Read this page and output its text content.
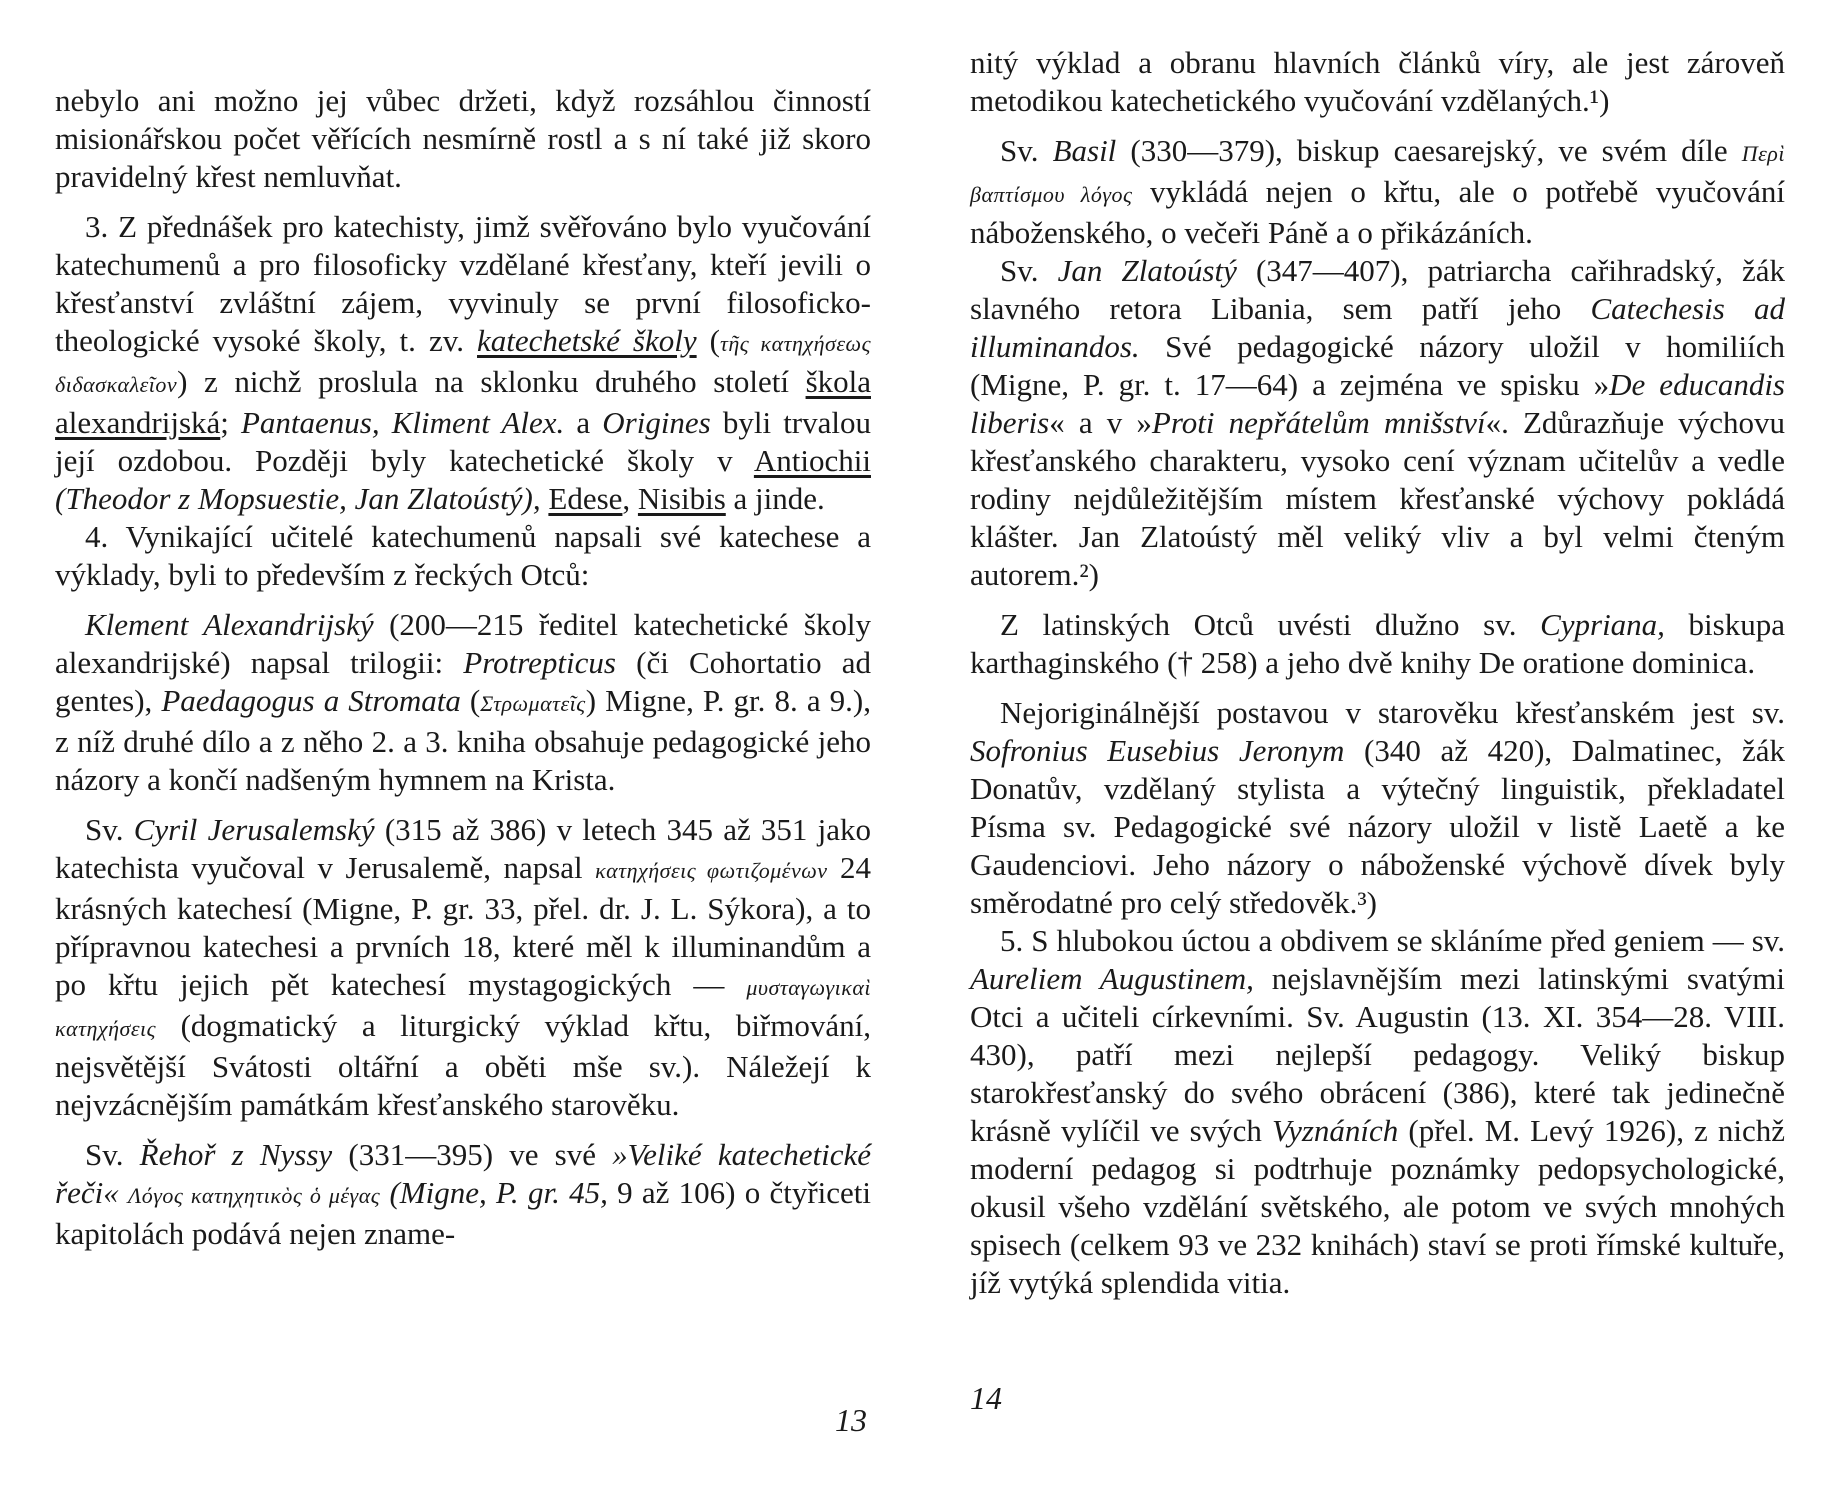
nebylo ani možno jej vůbec držeti, když rozsáhlou činností misionářskou počet věřících nesmírně rostl a s ní také již skoro pravidelný křest nemluvňat.

3. Z přednášek pro katechisty, jimž svěřováno bylo vyučování katechumenů a pro filosoficky vzdělané křesťany, kteří jevili o křesťanství zvláštní zájem, vyvinuly se první filosoficko-theologické vysoké školy, t. zv. katechetské školy (τῆς κατηχήσεως διδασκαλεῖον) z nichž proslula na sklonku druhého století škola alexandrijská; Pantaenus, Kliment Alex. a Origines byli trvalou její ozdobou. Později byly katechetické školy v Antiochii (Theodor z Mopsuestie, Jan Zlatoústý), Edese, Nisibis a jinde.

4. Vynikající učitelé katechumenů napsali své katechese a výklady, byli to především z řeckých Otců:

Klement Alexandrijský (200—215 ředitel katechetické školy alexandrijské) napsal trilogii: Protrepticus (či Cohortatio ad gentes), Paedagogus a Stromata (Στρωματεῖς) Migne, P. gr. 8. a 9.), z níž druhé dílo a z něho 2. a 3. kniha obsahuje pedagogické jeho názory a končí nadšeným hymnem na Krista.

Sv. Cyril Jerusalemský (315 až 386) v letech 345 až 351 jako katechista vyučoval v Jerusalemě, napsal κατηχήσεις φωτιζομένων 24 krásných katechesí (Migne, P. gr. 33, přel. dr. J. L. Sýkora), a to přípravnou katechesi a prvních 18, které měl k illuminandům a po křtu jejich pět katechesí mystagogických — μυσταγωγικαὶ κατηχήσεις (dogmatický a liturgický výklad křtu, biřmování, nejsvětější Svátosti oltářní a oběti mše sv.). Náležejí k nejvzácnějším památkám křesťanského starověku.

Sv. Řehoř z Nyssy (331—395) ve své »Veliké katechetické řeči« Λόγος κατηχητικὸς ὁ μέγας (Migne, P. gr. 45, 9 až 106) o čtyřiceti kapitolách podává nejen zname-

13

nitý výklad a obranu hlavních článků víry, ale jest zároveň metodikou katechetického vyučování vzdělaných.¹)

Sv. Basil (330—379), biskup caesarejský, ve svém díle Περὶ βαπτίσμου λόγος vykládá nejen o křtu, ale o potřebě vyučování náboženského, o večeři Páně a o přikázáních.

Sv. Jan Zlatoústý (347—407), patriarcha cařihradský, žák slavného retora Libania, sem patří jeho Catechesis ad illuminandos. Své pedagogické názory uložil v homiliích (Migne, P. gr. t. 17—64) a zejména ve spisku »De educandis liberis« a v »Proti nepřátelům mnišství«. Zdůrazňuje výchovu křesťanského charakteru, vysoko cení význam učitelův a vedle rodiny nejdůležitějším místem křesťanské výchovy pokládá klášter. Jan Zlatoústý měl veliký vliv a byl velmi čteným autorem.²)

Z latinských Otců uvésti dlužno sv. Cypriana, biskupa karthaginského († 258) a jeho dvě knihy De oratione dominica.

Nejoriginálnější postavou v starověku křesťanském jest sv. Sofronius Eusebius Jeronym (340 až 420), Dalmatinec, žák Donatův, vzdělaný stylista a výtečný linguistik, překladatel Písma sv. Pedagogické své názory uložil v listě Laetě a ke Gaudenciovi. Jeho názory o náboženské výchově dívek byly směrodatné pro celý středověk.³)

5. S hlubokou úctou a obdivem se skláníme před geniem — sv. Aureliem Augustinem, nejslavnějším mezi latinskými svatými Otci a učiteli církevními. Sv. Augustin (13. XI. 354—28. VIII. 430), patří mezi nejlepší pedagogy. Veliký biskup starokřesťanský do svého obrácení (386), které tak jedinečně krásně vylíčil ve svých Vyznáních (přel. M. Levý 1926), z nichž moderní pedagog si podtrhuje poznámky pedopsychologické, okusil všeho vzdělání světského, ale potom ve svých mnohých spisech (celkem 93 ve 232 knihách) staví se proti římské kultuře, jíž vytýká splendida vitia.

14
